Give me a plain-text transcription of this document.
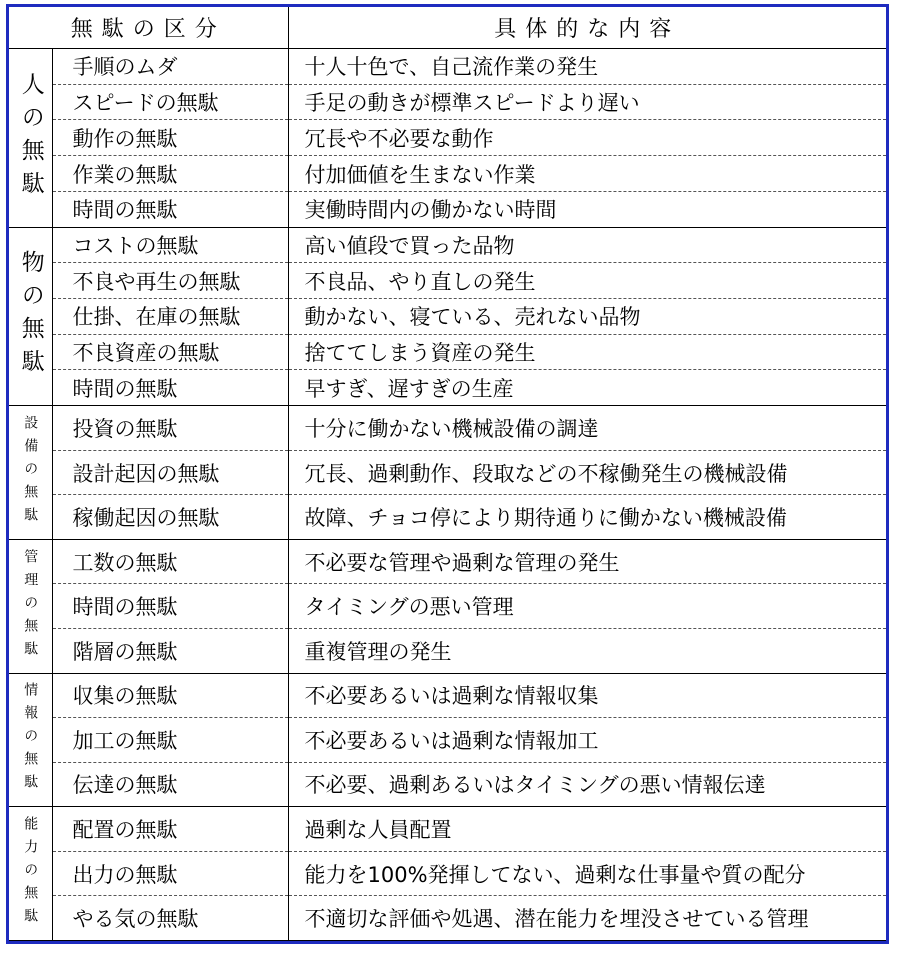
無駄の区分		具体的な内容
人の無駄	手順のムダ	十人十色で、自己流作業の発生
	スピードの無駄	手足の動きが標準スピードより遅い
	動作の無駄	冗長や不必要な動作
	作業の無駄	付加価値を生まない作業
	時間の無駄	実働時間内の働かない時間
物の無駄	コストの無駄	高い値段で買った品物
	不良や再生の無駄	不良品、やり直しの発生
	仕掛、在庫の無駄	動かない、寝ている、売れない品物
	不良資産の無駄	捨ててしまう資産の発生
	時間の無駄	早すぎ、遅すぎの生産
設備の無駄	投資の無駄	十分に働かない機械設備の調達
	設計起因の無駄	冗長、過剰動作、段取などの不稼働発生の機械設備
	稼働起因の無駄	故障、チョコ停により期待通りに働かない機械設備
管理の無駄	工数の無駄	不必要な管理や過剰な管理の発生
	時間の無駄	タイミングの悪い管理
	階層の無駄	重複管理の発生
情報の無駄	収集の無駄	不必要あるいは過剰な情報収集
	加工の無駄	不必要あるいは過剰な情報加工
	伝達の無駄	不必要、過剰あるいはタイミングの悪い情報伝達
能力の無駄	配置の無駄	過剰な人員配置
	出力の無駄	能力を100%発揮してない、過剰な仕事量や質の配分
	やる気の無駄	不適切な評価や処遇、潜在能力を埋没させている管理
